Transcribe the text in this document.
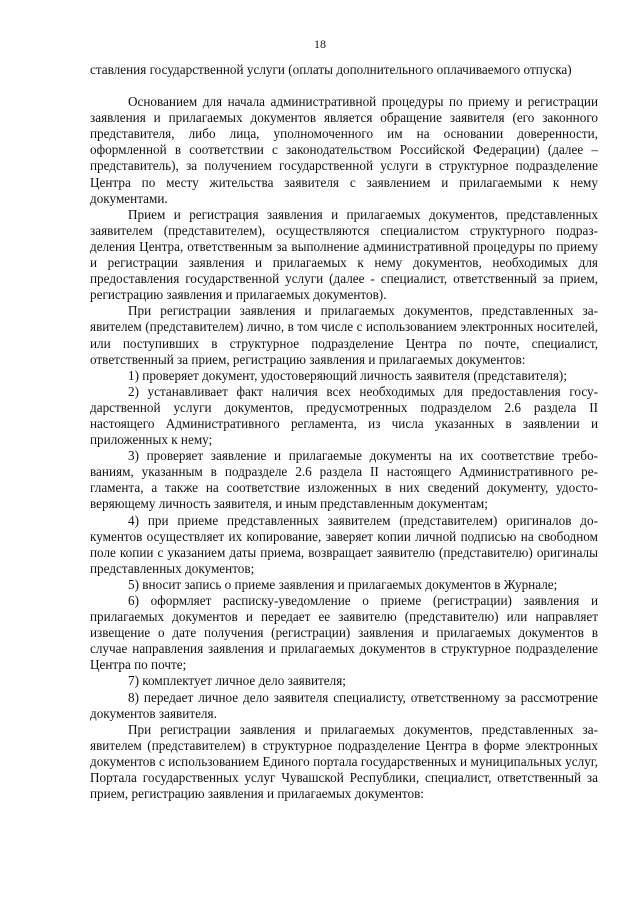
18

ставления государственной услуги (оплаты дополнительного оплачиваемого отпуска)

Основанием для начала административной процедуры по приему и регистрации заявления и прилагаемых документов является обращение заявителя (его законного представителя, либо лица, уполномоченного им на основании доверенности, оформленной в соответствии с законодательством Российской Федерации) (далее – представитель), за получением государственной услуги в структурное подразделение Центра по месту жительства заявителя с заявлением и прилагаемыми к нему документами.

Прием и регистрация заявления и прилагаемых документов, представленных заявителем (представителем), осуществляются специалистом структурного подразделения Центра, ответственным за выполнение административной процедуры по приему и регистрации заявления и прилагаемых к нему документов, необходимых для предоставления государственной услуги (далее - специалист, ответственный за прием, регистрацию заявления и прилагаемых документов).

При регистрации заявления и прилагаемых документов, представленных заявителем (представителем) лично, в том числе с использованием электронных носителей, или поступивших в структурное подразделение Центра по почте, специалист, ответственный за прием, регистрацию заявления и прилагаемых документов:

1) проверяет документ, удостоверяющий личность заявителя (представителя);

2) устанавливает факт наличия всех необходимых для предоставления государственной услуги документов, предусмотренных подразделом 2.6 раздела II настоящего Административного регламента, из числа указанных в заявлении и приложенных к нему;

3) проверяет заявление и прилагаемые документы на их соответствие требованиям, указанным в подразделе 2.6 раздела II настоящего Административного регламента, а также на соответствие изложенных в них сведений документу, удостоверяющему личность заявителя, и иным представленным документам;

4) при приеме представленных заявителем (представителем) оригиналов документов осуществляет их копирование, заверяет копии личной подписью на свободном поле копии с указанием даты приема, возвращает заявителю (представителю) оригиналы представленных документов;

5) вносит запись о приеме заявления и прилагаемых документов в Журнале;

6) оформляет расписку-уведомление о приеме (регистрации) заявления и прилагаемых документов и передает ее заявителю (представителю) или направляет извещение о дате получения (регистрации) заявления и прилагаемых документов в случае направления заявления и прилагаемых документов в структурное подразделение Центра по почте;

7) комплектует личное дело заявителя;

8) передает личное дело заявителя специалисту, ответственному за рассмотрение документов заявителя.

При регистрации заявления и прилагаемых документов, представленных заявителем (представителем) в структурное подразделение Центра в форме электронных документов с использованием Единого портала государственных и муниципальных услуг, Портала государственных услуг Чувашской Республики, специалист, ответственный за прием, регистрацию заявления и прилагаемых документов:
